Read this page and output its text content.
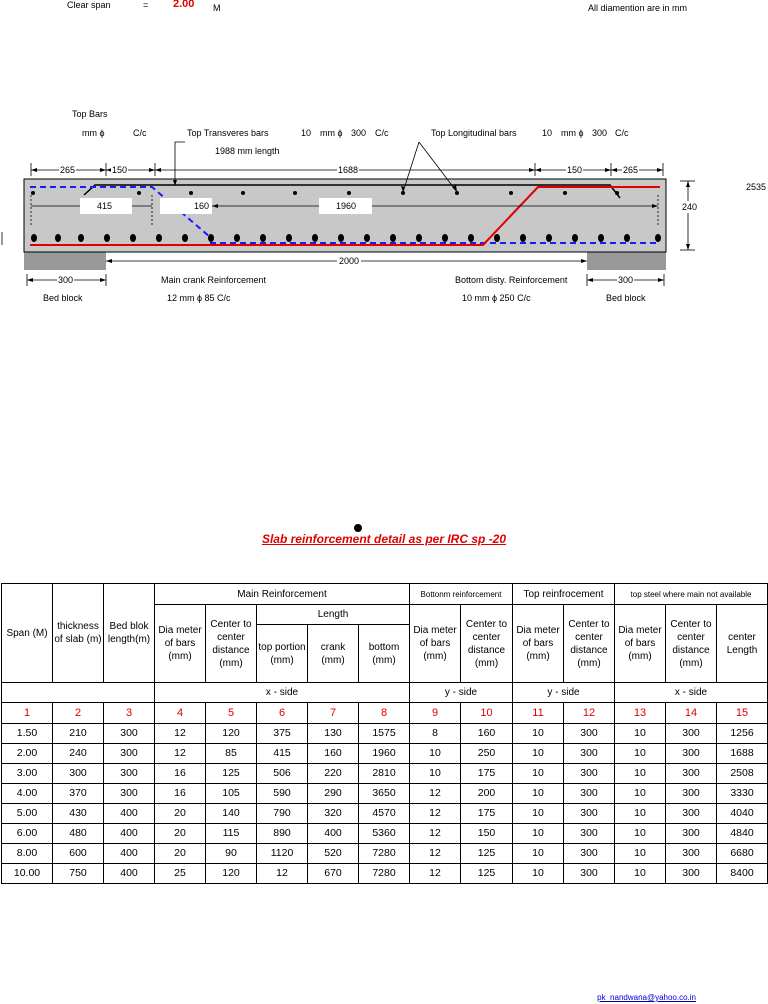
Clear span	= 2.00 M	All diamention are in mm
Top Bars
mm ϕ	C/c	Top Transveres bars	10 mm ϕ 300 C/c
1988 mm length
Top Longitudinal bars	10 mm ϕ 300 C/c
265	150	1688	150	265
2535
415	160	1960	240
2000
300	300
Main crank Reinforcement
12 mm ϕ 85 C/c
Bottom disty. Reinforcement
10 mm ϕ 250 C/c
Bed block	Bed block
Slab reinforcement detail as per IRC sp -20
Span (M)	thickness of slab (m)	Bed blok length(m)	Main Reinforcement					Bottonm reinforcement		Top reinfrocement		top steel where main not available		
			Dia meter of bars (mm)	Center to center distance (mm)	Length			Dia meter of bars (mm)	Center to center distance (mm)	Dia meter of bars (mm)	Center to center distance (mm)	Dia meter of bars (mm)	Center to center distance (mm)	center Length
					top portion (mm)	crank (mm)	bottom (mm)							
			x - side					y - side		y - side		x - side		
1	2	3	4	5	6	7	8	9	10	11	12	13	14	15
1.50	210	300	12	120	375	130	1575	8	160	10	300	10	300	1256
2.00	240	300	12	85	415	160	1960	10	250	10	300	10	300	1688
3.00	300	300	16	125	506	220	2810	10	175	10	300	10	300	2508
4.00	370	300	16	105	590	290	3650	12	200	10	300	10	300	3330
5.00	430	400	20	140	790	320	4570	12	175	10	300	10	300	4040
6.00	480	400	20	115	890	400	5360	12	150	10	300	10	300	4840
8.00	600	400	20	90	1120	520	7280	12	125	10	300	10	300	6680
10.00	750	400	25	120	12	670	7280	12	125	10	300	10	300	8400
pk_nandwana@yahoo.co.in
